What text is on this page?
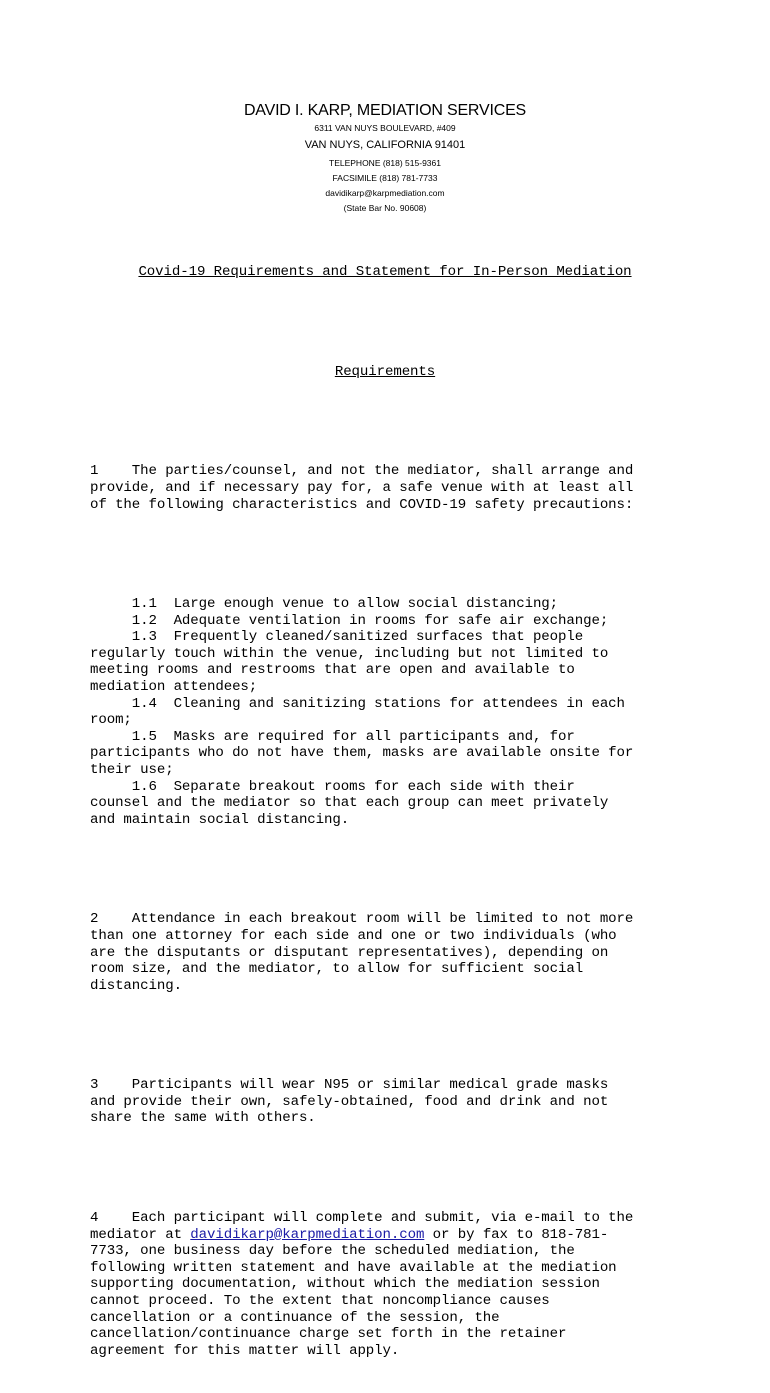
DAVID I. KARP, MEDIATION SERVICES
6311 VAN NUYS BOULEVARD, #409
VAN NUYS, CALIFORNIA 91401
TELEPHONE (818) 515-9361
FACSIMILE (818) 781-7733
davidikarp@karpmediation.com
(State Bar No. 90608)

Covid-19 Requirements and Statement for In-Person Mediation

Requirements

1    The parties/counsel, and not the mediator, shall arrange and
provide, and if necessary pay for, a safe venue with at least all
of the following characteristics and COVID-19 safety precautions:

1.1  Large enough venue to allow social distancing;
1.2  Adequate ventilation in rooms for safe air exchange;
1.3  Frequently cleaned/sanitized surfaces that people
regularly touch within the venue, including but not limited to
meeting rooms and restrooms that are open and available to
mediation attendees;
1.4  Cleaning and sanitizing stations for attendees in each
room;
1.5  Masks are required for all participants and, for
participants who do not have them, masks are available onsite for
their use;
1.6  Separate breakout rooms for each side with their
counsel and the mediator so that each group can meet privately
and maintain social distancing.

2    Attendance in each breakout room will be limited to not more
than one attorney for each side and one or two individuals (who
are the disputants or disputant representatives), depending on
room size, and the mediator, to allow for sufficient social
distancing.

3    Participants will wear N95 or similar medical grade masks
and provide their own, safely-obtained, food and drink and not
share the same with others.

4    Each participant will complete and submit, via e-mail to the
mediator at davidikarp@karpmediation.com or by fax to 818-781-
7733, one business day before the scheduled mediation, the
following written statement and have available at the mediation
supporting documentation, without which the mediation session
cannot proceed. To the extent that noncompliance causes
cancellation or a continuance of the session, the
cancellation/continuance charge set forth in the retainer
agreement for this matter will apply.
